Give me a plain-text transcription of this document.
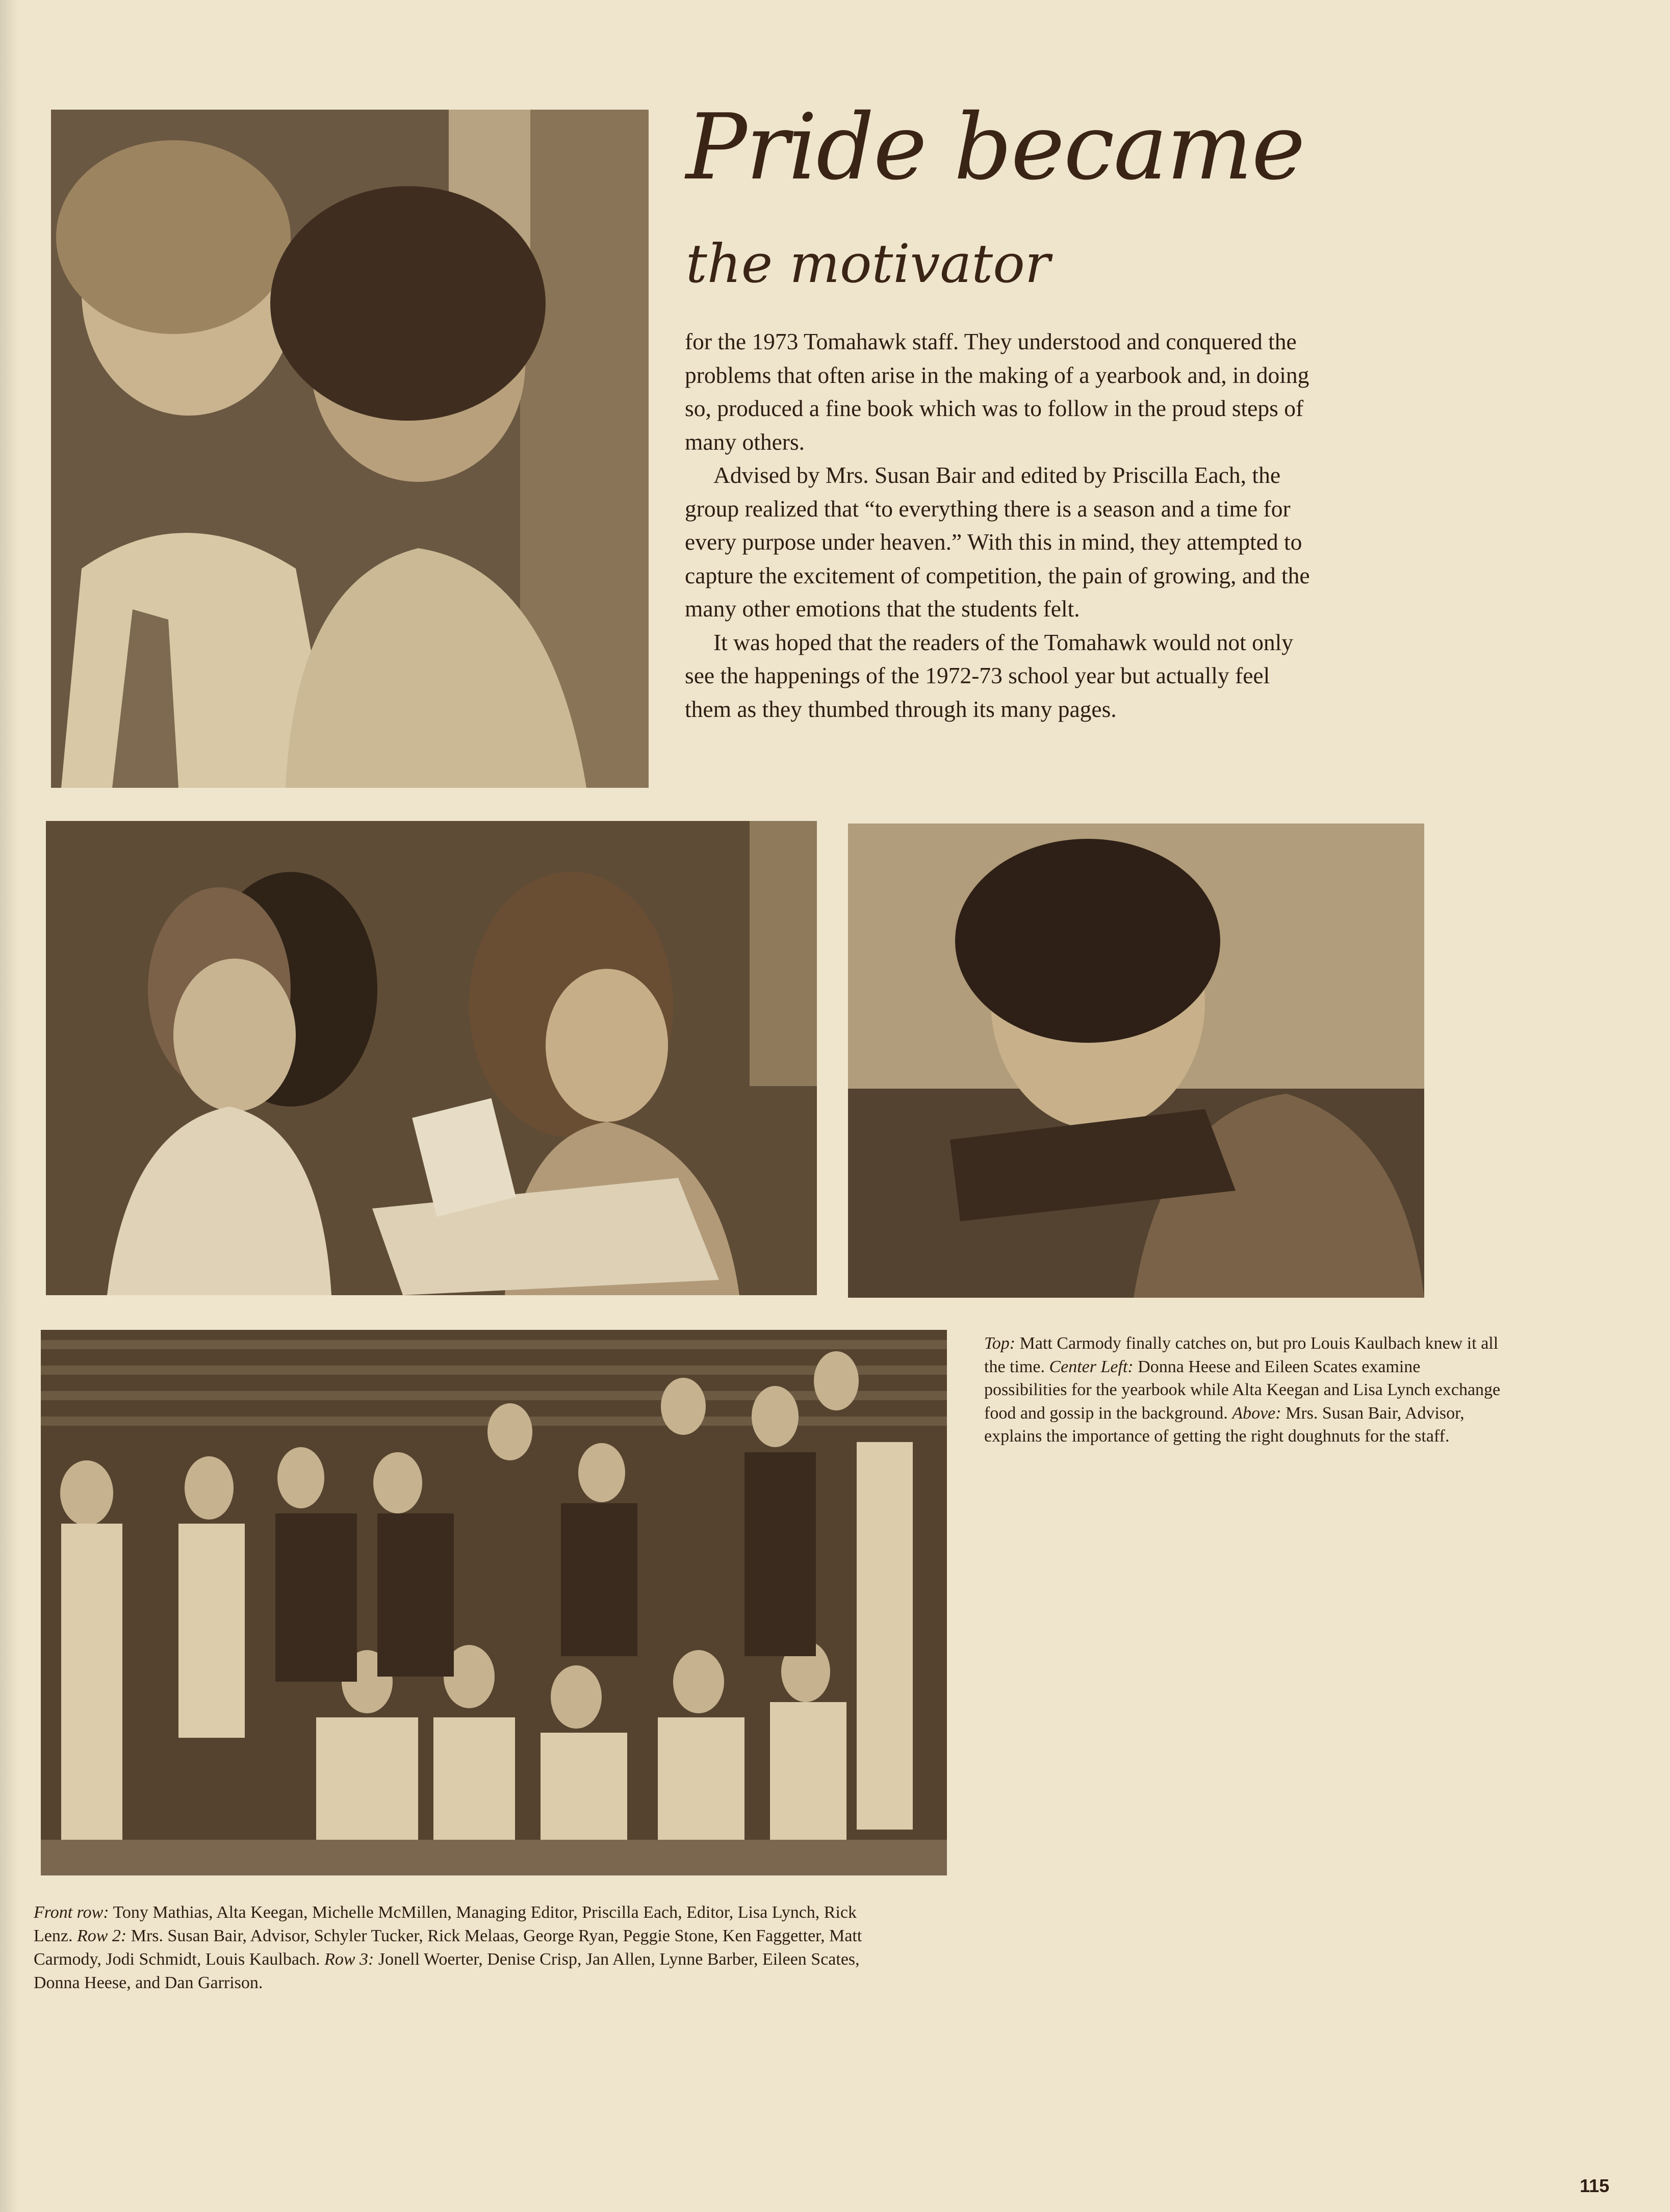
Pride became
the motivator

for the 1973 Tomahawk staff. They understood and conquered the problems that often arise in the making of a yearbook and, in doing so, produced a fine book which was to follow in the proud steps of many others.

Advised by Mrs. Susan Bair and edited by Priscilla Each, the group realized that “to everything there is a season and a time for every purpose under heaven.” With this in mind, they attempted to capture the excitement of competition, the pain of growing, and the many other emotions that the students felt.

It was hoped that the readers of the Tomahawk would not only see the happenings of the 1972-73 school year but actually feel them as they thumbed through its many pages.

Top: Matt Carmody finally catches on, but pro Louis Kaulbach knew it all the time. Center Left: Donna Heese and Eileen Scates examine possibilities for the yearbook while Alta Keegan and Lisa Lynch exchange food and gossip in the background. Above: Mrs. Susan Bair, Advisor, explains the importance of getting the right doughnuts for the staff.
Front row: Tony Mathias, Alta Keegan, Michelle McMillen, Managing Editor, Priscilla Each, Editor, Lisa Lynch, Rick Lenz. Row 2: Mrs. Susan Bair, Advisor, Schyler Tucker, Rick Melaas, George Ryan, Peggie Stone, Ken Faggetter, Matt Carmody, Jodi Schmidt, Louis Kaulbach. Row 3: Jonell Woerter, Denise Crisp, Jan Allen, Lynne Barber, Eileen Scates, Donna Heese, and Dan Garrison.
115
